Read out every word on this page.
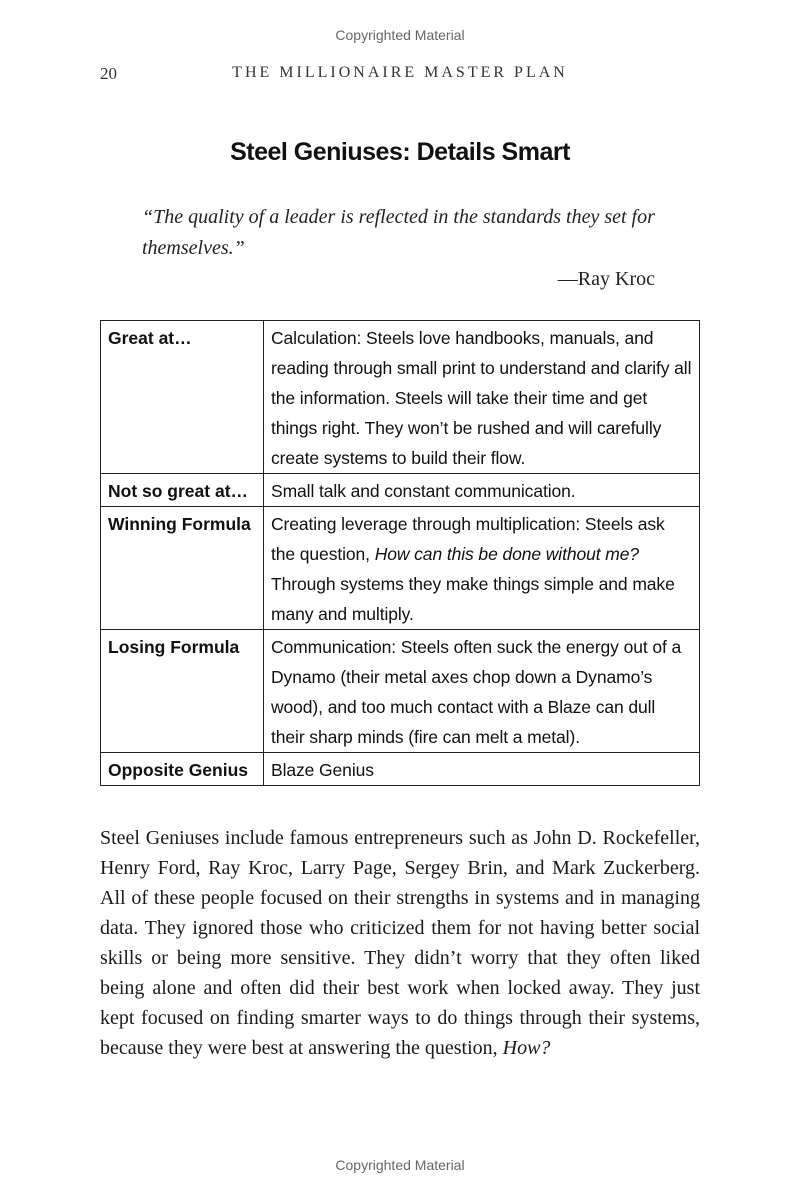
Copyrighted Material
20	THE MILLIONAIRE MASTER PLAN
Steel Geniuses: Details Smart
“The quality of a leader is reflected in the standards they set for themselves.”
—Ray Kroc
Great at…	Calculation: Steels love handbooks, manuals, and reading through small print to understand and clarify all the information. Steels will take their time and get things right. They won’t be rushed and will carefully create systems to build their flow.
Not so great at…	Small talk and constant communication.
Winning Formula	Creating leverage through multiplication: Steels ask the question, How can this be done without me? Through systems they make things simple and make many and multiply.
Losing Formula	Communication: Steels often suck the energy out of a Dynamo (their metal axes chop down a Dynamo’s wood), and too much contact with a Blaze can dull their sharp minds (fire can melt a metal).
Opposite Genius	Blaze Genius

Steel Geniuses include famous entrepreneurs such as John D. Rockefeller, Henry Ford, Ray Kroc, Larry Page, Sergey Brin, and Mark Zuckerberg. All of these people focused on their strengths in systems and in managing data. They ignored those who criticized them for not having better social skills or being more sensitive. They didn’t worry that they often liked being alone and often did their best work when locked away. They just kept focused on finding smarter ways to do things through their systems, because they were best at answering the question, How?

Copyrighted Material
